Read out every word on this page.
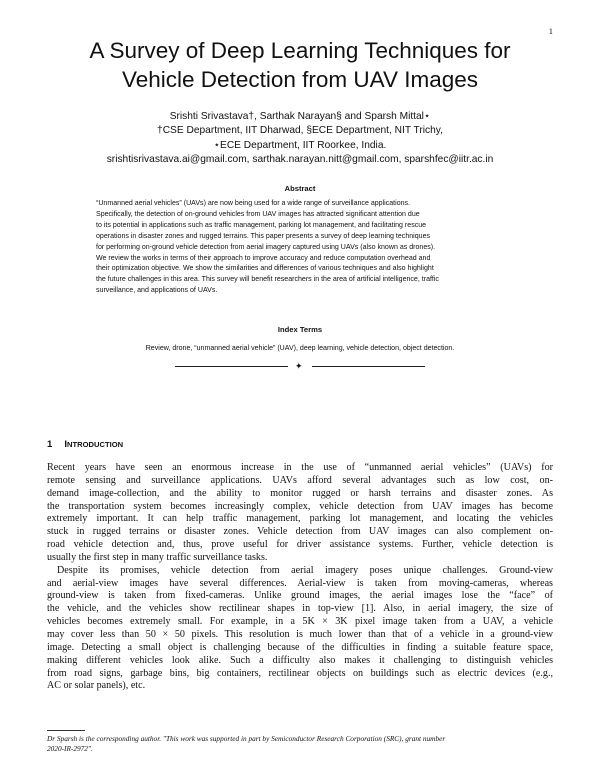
1
A Survey of Deep Learning Techniques for
Vehicle Detection from UAV Images
Srishti Srivastava†, Sarthak Narayan§ and Sparsh Mittal⋆
†CSE Department, IIT Dharwad, §ECE Department, NIT Trichy,
⋆ECE Department, IIT Roorkee, India.
srishtisrivastava.ai@gmail.com, sarthak.narayan.nitt@gmail.com, sparshfec@iitr.ac.in
Abstract
“Unmanned aerial vehicles” (UAVs) are now being used for a wide range of surveillance applications.
Specifically, the detection of on-ground vehicles from UAV images has attracted significant attention due
to its potential in applications such as traffic management, parking lot management, and facilitating rescue
operations in disaster zones and rugged terrains. This paper presents a survey of deep learning techniques
for performing on-ground vehicle detection from aerial imagery captured using UAVs (also known as drones).
We review the works in terms of their approach to improve accuracy and reduce computation overhead and
their optimization objective. We show the similarities and differences of various techniques and also highlight
the future challenges in this area. This survey will benefit researchers in the area of artificial intelligence, traffic
surveillance, and applications of UAVs.
Index Terms
Review, drone, “unmanned aerial vehicle” (UAV), deep learning, vehicle detection, object detection.
✦
1 INTRODUCTION
Recent years have seen an enormous increase in the use of “unmanned aerial vehicles” (UAVs) for
remote sensing and surveillance applications. UAVs afford several advantages such as low cost, on-
demand image-collection, and the ability to monitor rugged or harsh terrains and disaster zones. As
the transportation system becomes increasingly complex, vehicle detection from UAV images has become
extremely important. It can help traffic management, parking lot management, and locating the vehicles
stuck in rugged terrains or disaster zones. Vehicle detection from UAV images can also complement on-
road vehicle detection and, thus, prove useful for driver assistance systems. Further, vehicle detection is
usually the first step in many traffic surveillance tasks.
Despite its promises, vehicle detection from aerial imagery poses unique challenges. Ground-view
and aerial-view images have several differences. Aerial-view is taken from moving-cameras, whereas
ground-view is taken from fixed-cameras. Unlike ground images, the aerial images lose the “face” of
the vehicle, and the vehicles show rectilinear shapes in top-view [1]. Also, in aerial imagery, the size of
vehicles becomes extremely small. For example, in a 5K × 3K pixel image taken from a UAV, a vehicle
may cover less than 50 × 50 pixels. This resolution is much lower than that of a vehicle in a ground-view
image. Detecting a small object is challenging because of the difficulties in finding a suitable feature space,
making different vehicles look alike. Such a difficulty also makes it challenging to distinguish vehicles
from road signs, garbage bins, big containers, rectilinear objects on buildings such as electric devices (e.g.,
AC or solar panels), etc.
Dr Sparsh is the corresponding author. "This work was supported in part by Semiconductor Research Corporation (SRC), grant number
2020-IR-2972".
